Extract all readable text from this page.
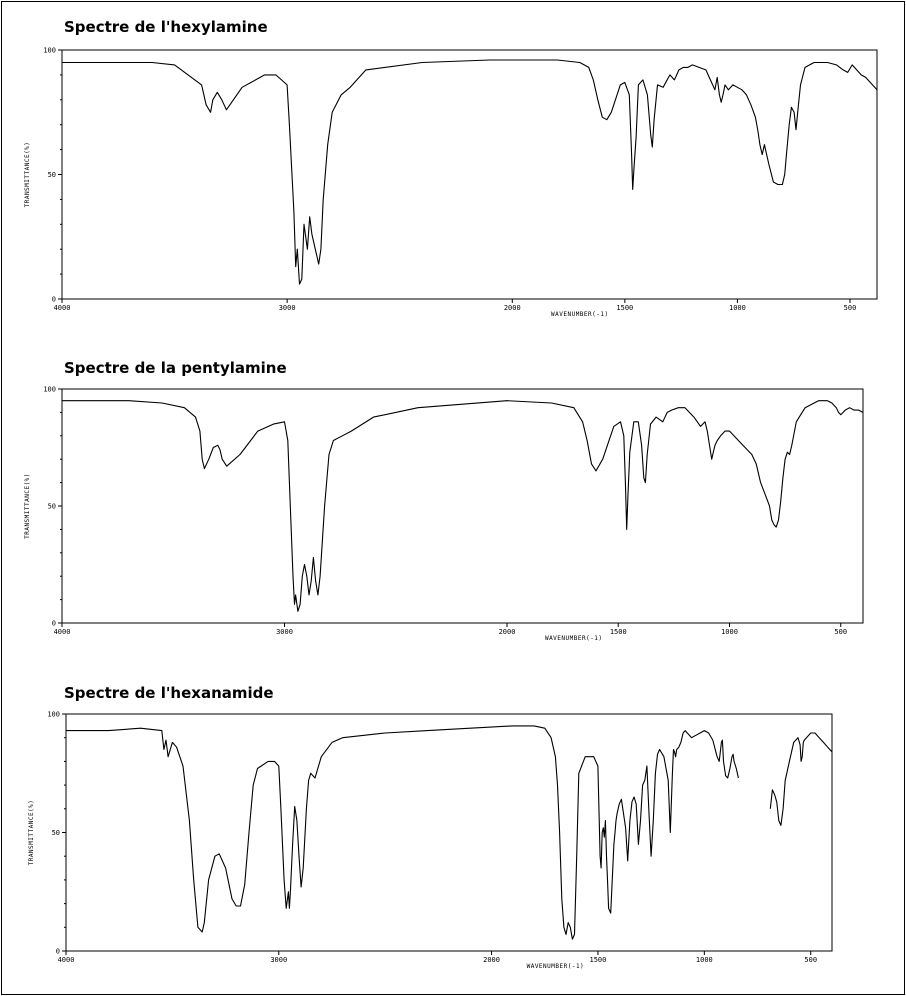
Spectre de l'hexylamine
0
50
100
4000	3000	2000	1500	1000	500
WAVENUMBER(-1)
TRANSMITTANCE(%)
Spectre de la pentylamine
0
50
100
4000	3000	2000	1500	1000	500
WAVENUMBER(-1)
TRANSMITTANCE(%)
Spectre de l'hexanamide
0
50
100
4000	3000	2000	1500	1000	500
WAVENUMBER(-1)
TRANSMITTANCE(%)
